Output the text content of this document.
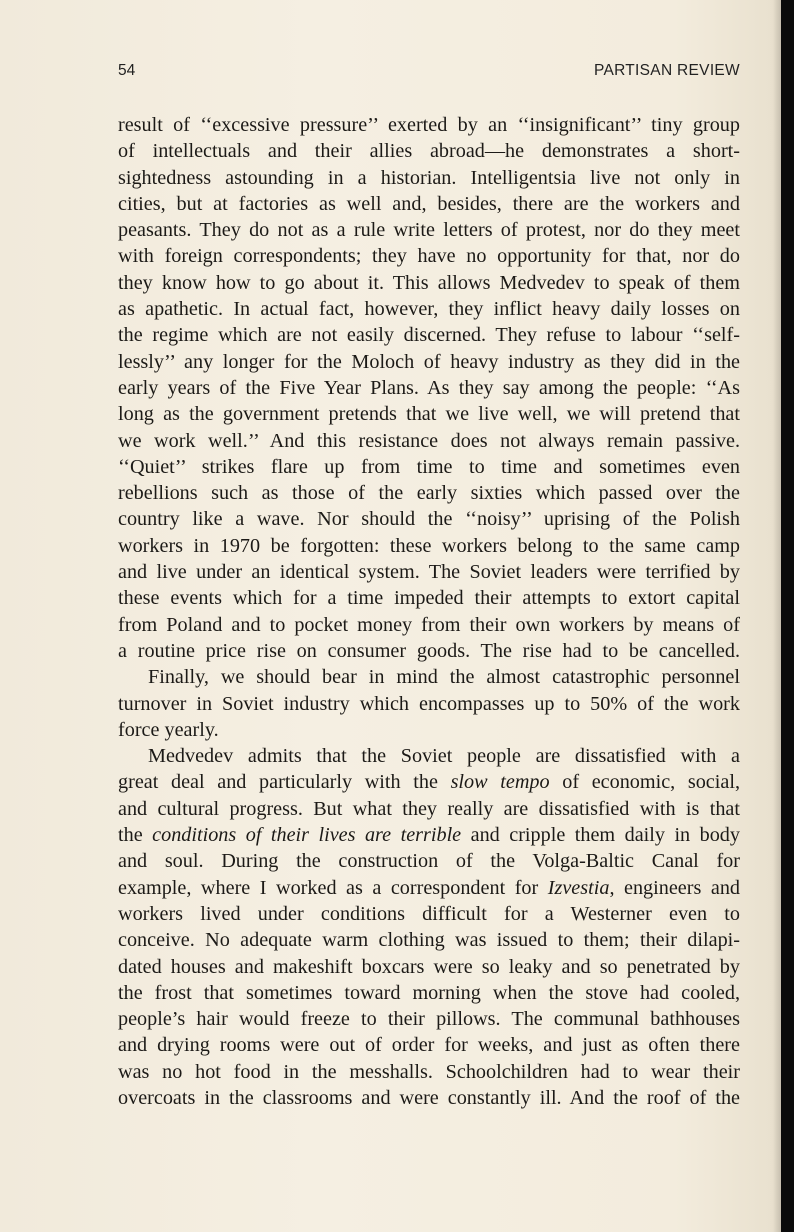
54	PARTISAN REVIEW
result of ‘‘excessive pressure’’ exerted by an ‘‘insignificant’’ tiny group
of intellectuals and their allies abroad—he demonstrates a short-
sightedness astounding in a historian. Intelligentsia live not only in
cities, but at factories as well and, besides, there are the workers and
peasants. They do not as a rule write letters of protest, nor do they meet
with foreign correspondents; they have no opportunity for that, nor do
they know how to go about it. This allows Medvedev to speak of them
as apathetic. In actual fact, however, they inflict heavy daily losses on
the regime which are not easily discerned. They refuse to labour ‘‘self-
lessly’’ any longer for the Moloch of heavy industry as they did in the
early years of the Five Year Plans. As they say among the people: ‘‘As
long as the government pretends that we live well, we will pretend that
we work well.’’ And this resistance does not always remain passive.
‘‘Quiet’’ strikes flare up from time to time and sometimes even
rebellions such as those of the early sixties which passed over the
country like a wave. Nor should the ‘‘noisy’’ uprising of the Polish
workers in 1970 be forgotten: these workers belong to the same camp
and live under an identical system. The Soviet leaders were terrified by
these events which for a time impeded their attempts to extort capital
from Poland and to pocket money from their own workers by means of
a routine price rise on consumer goods. The rise had to be cancelled.
Finally, we should bear in mind the almost catastrophic personnel
turnover in Soviet industry which encompasses up to 50% of the work
force yearly.
Medvedev admits that the Soviet people are dissatisfied with a
great deal and particularly with the slow tempo of economic, social,
and cultural progress. But what they really are dissatisfied with is that
the conditions of their lives are terrible and cripple them daily in body
and soul. During the construction of the Volga-Baltic Canal for
example, where I worked as a correspondent for Izvestia, engineers and
workers lived under conditions difficult for a Westerner even to
conceive. No adequate warm clothing was issued to them; their dilapi-
dated houses and makeshift boxcars were so leaky and so penetrated by
the frost that sometimes toward morning when the stove had cooled,
people’s hair would freeze to their pillows. The communal bathhouses
and drying rooms were out of order for weeks, and just as often there
was no hot food in the messhalls. Schoolchildren had to wear their
overcoats in the classrooms and were constantly ill. And the roof of the
